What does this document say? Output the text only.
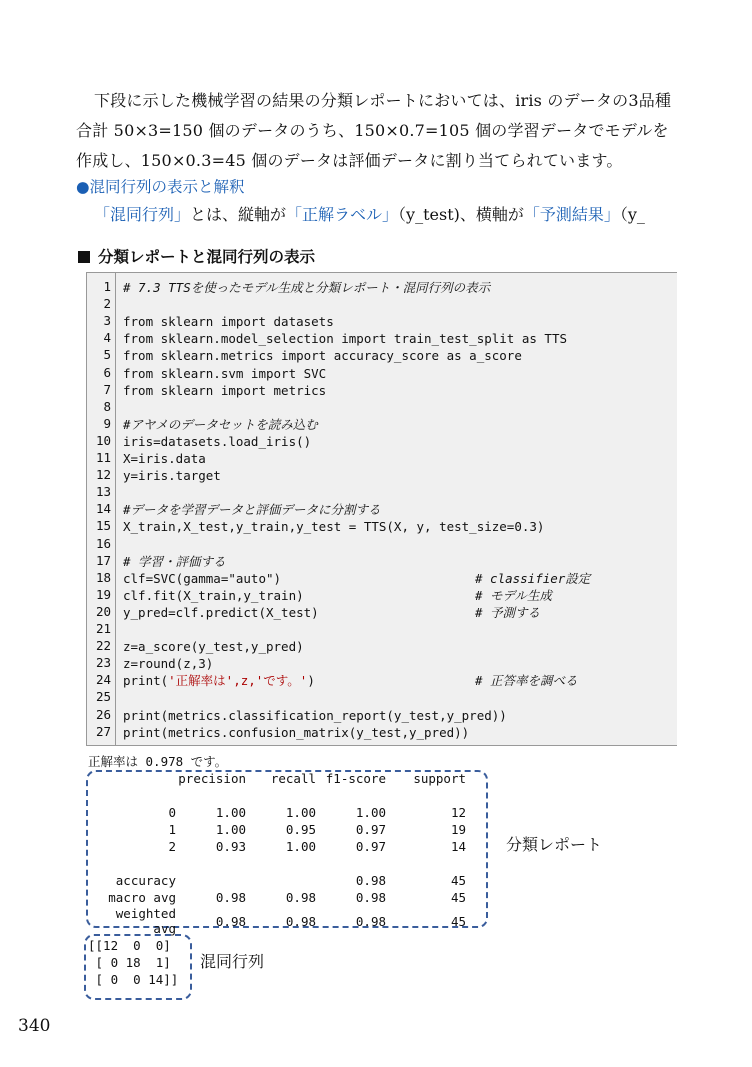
下段に示した機械学習の結果の分類レポートにおいては、iris のデータの3品種合計 50×3=150 個のデータのうち、150×0.7=105 個の学習データでモデルを作成し、150×0.3=45 個のデータは評価データに割り当てられています。
●混同行列の表示と解釈
「混同行列」とは、縦軸が「正解ラベル」（y_test)、横軸が「予測結果」（y_
分類レポートと混同行列の表示
1 # 7.3 TTSを使ったモデル生成と分類レポート・混同行列の表示
2
3 from sklearn import datasets
4 from sklearn.model_selection import train_test_split as TTS
5 from sklearn.metrics import accuracy_score as a_score
6 from sklearn.svm import SVC
7 from sklearn import metrics
8
9 #アヤメのデータセットを読み込む
10 iris=datasets.load_iris()
11 X=iris.data
12 y=iris.target
13
14 #データを学習データと評価データに分割する
15 X_train,X_test,y_train,y_test = TTS(X, y, test_size=0.3)
16
17 # 学習・評価する
18 clf=SVC(gamma="auto")	# classifier設定
19 clf.fit(X_train,y_train)	# モデル生成
20 y_pred=clf.predict(X_test)	# 予測する
21
22 z=a_score(y_test,y_pred)
23 z=round(z,3)
24 print('正解率は',z,'です。')	# 正答率を調べる
25
26 print(metrics.classification_report(y_test,y_pred))
27 print(metrics.confusion_matrix(y_test,y_pred))
正解率は 0.978 です。
	precision	recall	f1-score	support

0	1.00	1.00	1.00	12
1	1.00	0.95	0.97	19
2	0.93	1.00	0.97	14

accuracy			0.98	45
macro avg	0.98	0.98	0.98	45
weighted avg	0.98	0.98	0.98	45
分類レポート
[[12  0  0]
[ 0 18  1]
[ 0  0 14]]
混同行列
340
